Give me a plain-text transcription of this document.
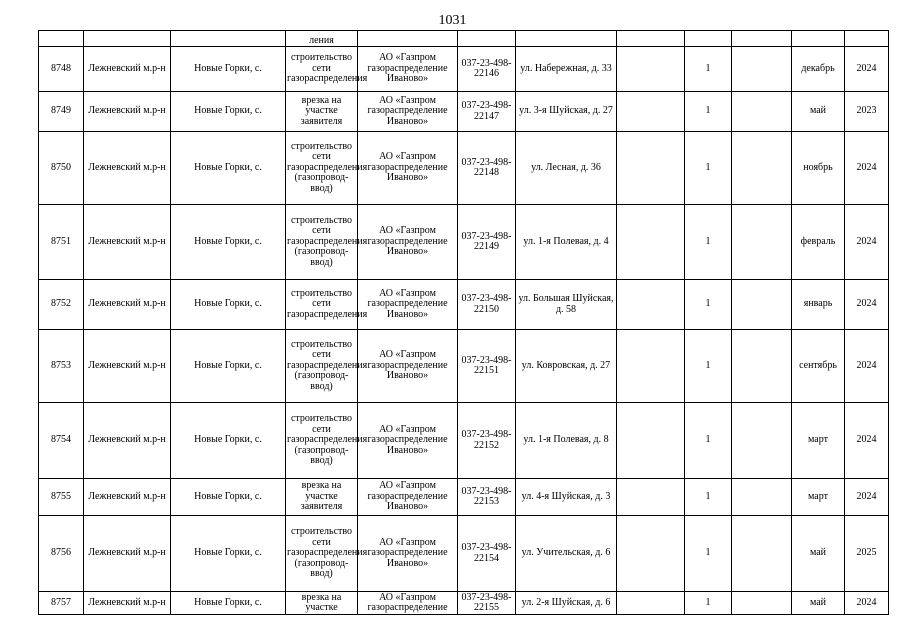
1031

			ления								

8748	Лежневский м.р-н	Новые Горки, с.	строительство сети газораспределения	АО «Газпром газораспределение Иваново»	037-23-498-22146	ул. Набережная, д. 33		1		декабрь	2024

8749	Лежневский м.р-н	Новые Горки, с.	врезка на участке заявителя	АО «Газпром газораспределение Иваново»	037-23-498-22147	ул. 3-я Шуйская, д. 27		1		май	2023

8750	Лежневский м.р-н	Новые Горки, с.	строительство сети газораспределения (газопровод-ввод)	АО «Газпром газораспределение Иваново»	037-23-498-22148	ул. Лесная, д. 36		1		ноябрь	2024

8751	Лежневский м.р-н	Новые Горки, с.	строительство сети газораспределения (газопровод-ввод)	АО «Газпром газораспределение Иваново»	037-23-498-22149	ул. 1-я Полевая, д. 4		1		февраль	2024

8752	Лежневский м.р-н	Новые Горки, с.	строительство сети газораспределения	АО «Газпром газораспределение Иваново»	037-23-498-22150	ул. Большая Шуйская, д. 58		1		январь	2024

8753	Лежневский м.р-н	Новые Горки, с.	строительство сети газораспределения (газопровод-ввод)	АО «Газпром газораспределение Иваново»	037-23-498-22151	ул. Ковровская, д. 27		1		сентябрь	2024

8754	Лежневский м.р-н	Новые Горки, с.	строительство сети газораспределения (газопровод-ввод)	АО «Газпром газораспределение Иваново»	037-23-498-22152	ул. 1-я Полевая, д. 8		1		март	2024

8755	Лежневский м.р-н	Новые Горки, с.	врезка на участке заявителя	АО «Газпром газораспределение Иваново»	037-23-498-22153	ул. 4-я Шуйская, д. 3		1		март	2024

8756	Лежневский м.р-н	Новые Горки, с.	строительство сети газораспределения (газопровод-ввод)	АО «Газпром газораспределение Иваново»	037-23-498-22154	ул. Учительская, д. 6		1		май	2025

8757	Лежневский м.р-н	Новые Горки, с.	врезка на участке	АО «Газпром газораспределение	037-23-498-22155	ул. 2-я Шуйская, д. 6		1		май	2024
